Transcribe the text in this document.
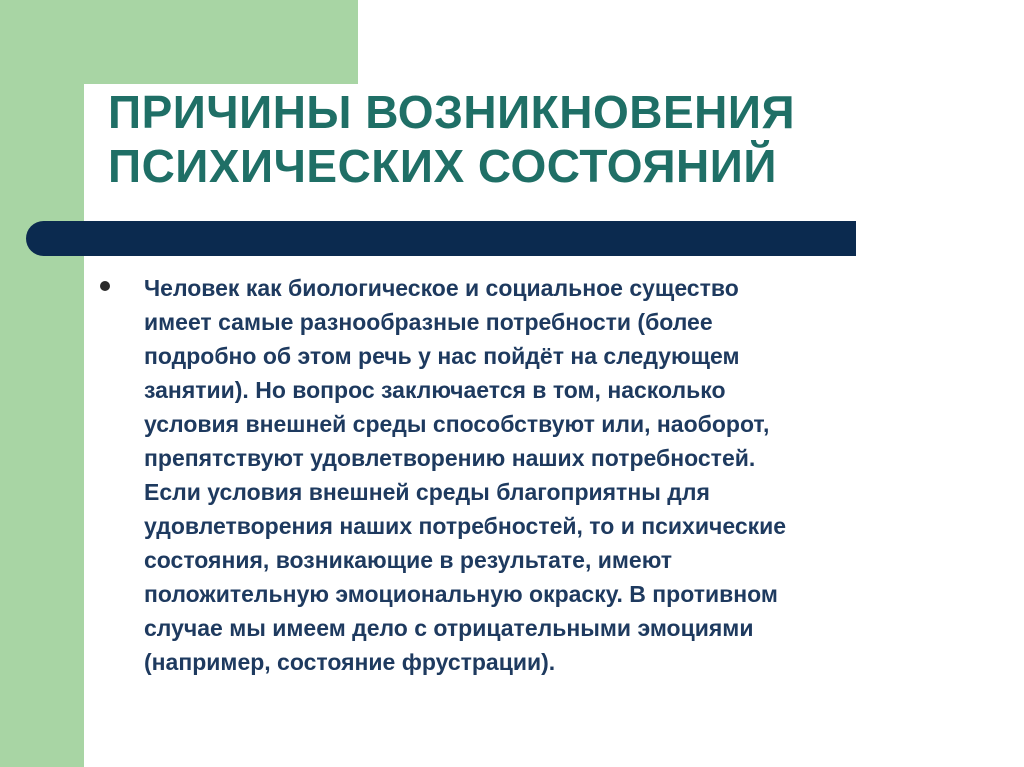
ПРИЧИНЫ ВОЗНИКНОВЕНИЯ
ПСИХИЧЕСКИХ СОСТОЯНИЙ

Человек как биологическое и социальное существо
имеет самые разнообразные потребности (более
подробно об этом речь у нас пойдёт на следующем
занятии). Но вопрос заключается в том, насколько
условия внешней среды способствуют или, наоборот,
препятствуют удовлетворению наших потребностей.
Если условия внешней среды благоприятны для
удовлетворения наших потребностей, то и психические
состояния, возникающие в результате, имеют
положительную эмоциональную окраску. В противном
случае мы имеем дело с отрицательными эмоциями
(например, состояние фрустрации).
